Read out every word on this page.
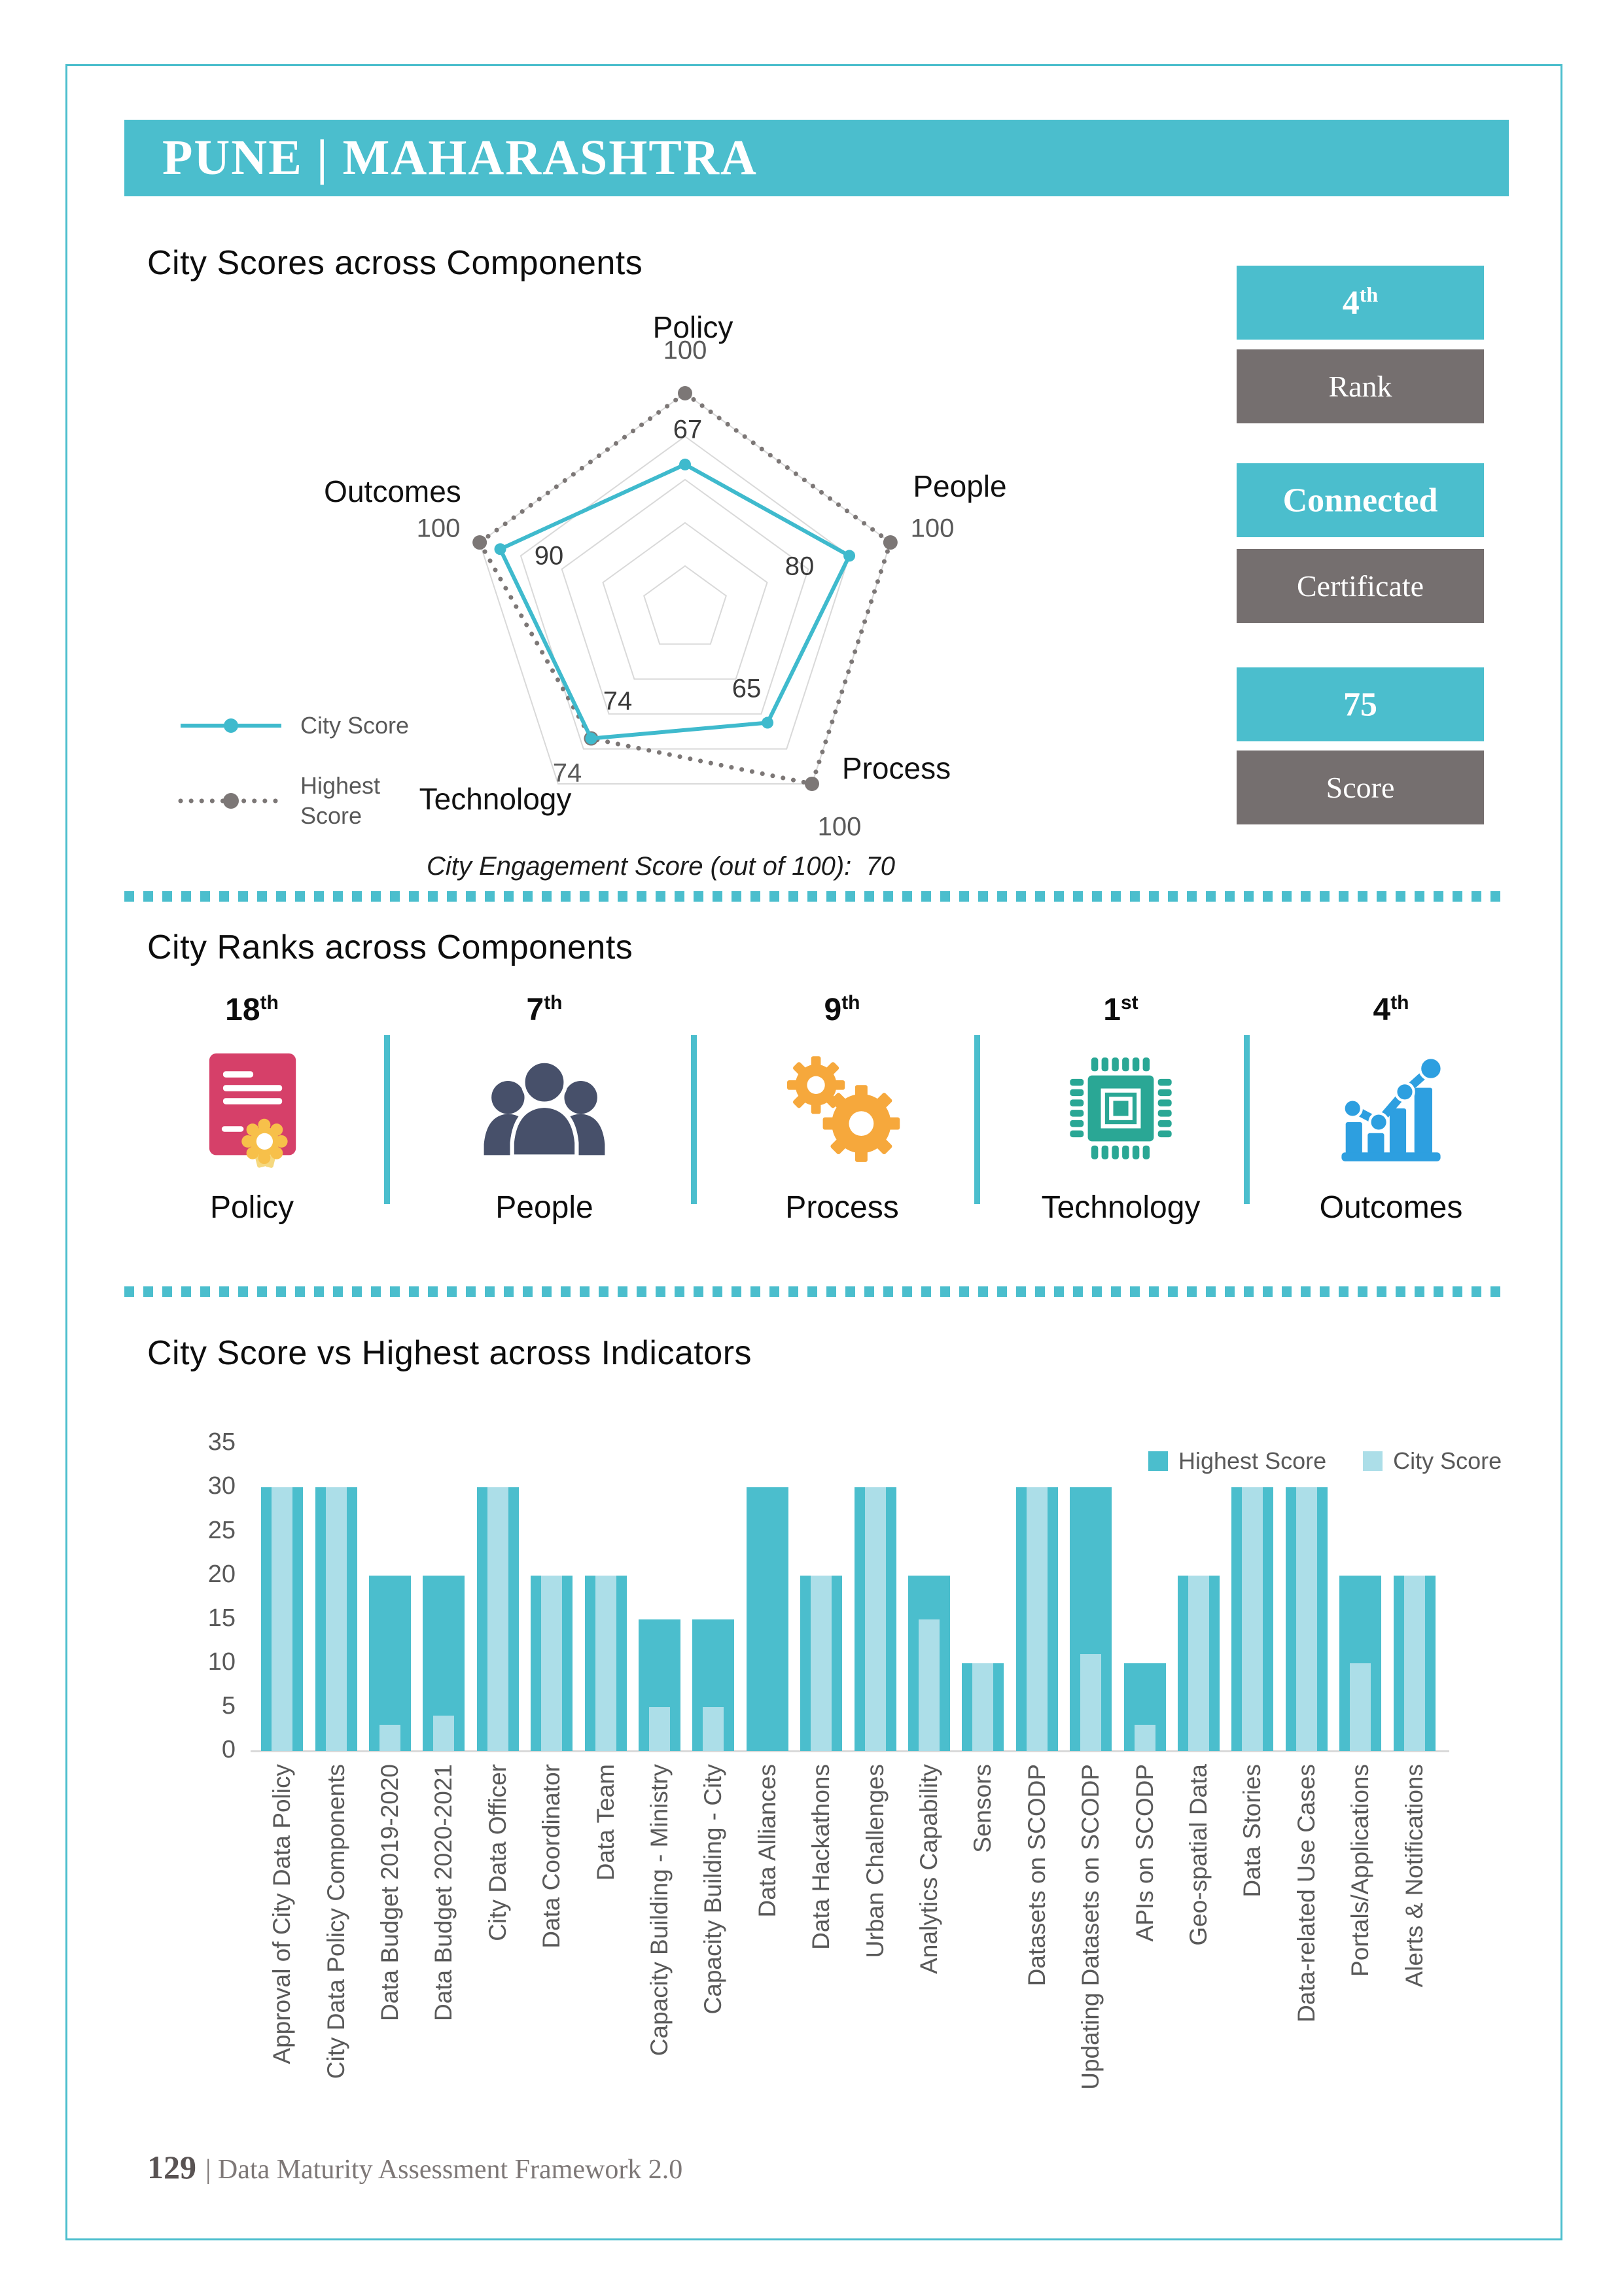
PUNE | MAHARASHTRA
City Scores across Components
Policy
People
Process
Technology
Outcomes
100
100
100
74
100
67
80
65
74
90
City Score
Highest
Score
City Engagement Score (out of 100):  70
4th
Rank
Connected
Certificate
75
Score
City Ranks across Components
18th
Policy
7th
People
9th
Process
1st
Technology
4th
Outcomes
City Score vs Highest across Indicators
Highest Score	City Score
0
5
10
15
20
25
30
35
Approval of City Data Policy City Data Policy Components Data Budget 2019-2020 Data Budget 2020-2021 City Data Officer Data Coordinator Data Team Capacity Building - Ministry Capacity Building - City Data Alliances Data Hackathons Urban Challenges Analytics Capability Sensors Datasets on SCODP Updating Datasets on SCODP APIs on SCODP Geo-spatial Data Data Stories Data-related Use Cases Portals/Applications Alerts & Notifications
129 | Data Maturity Assessment Framework 2.0
